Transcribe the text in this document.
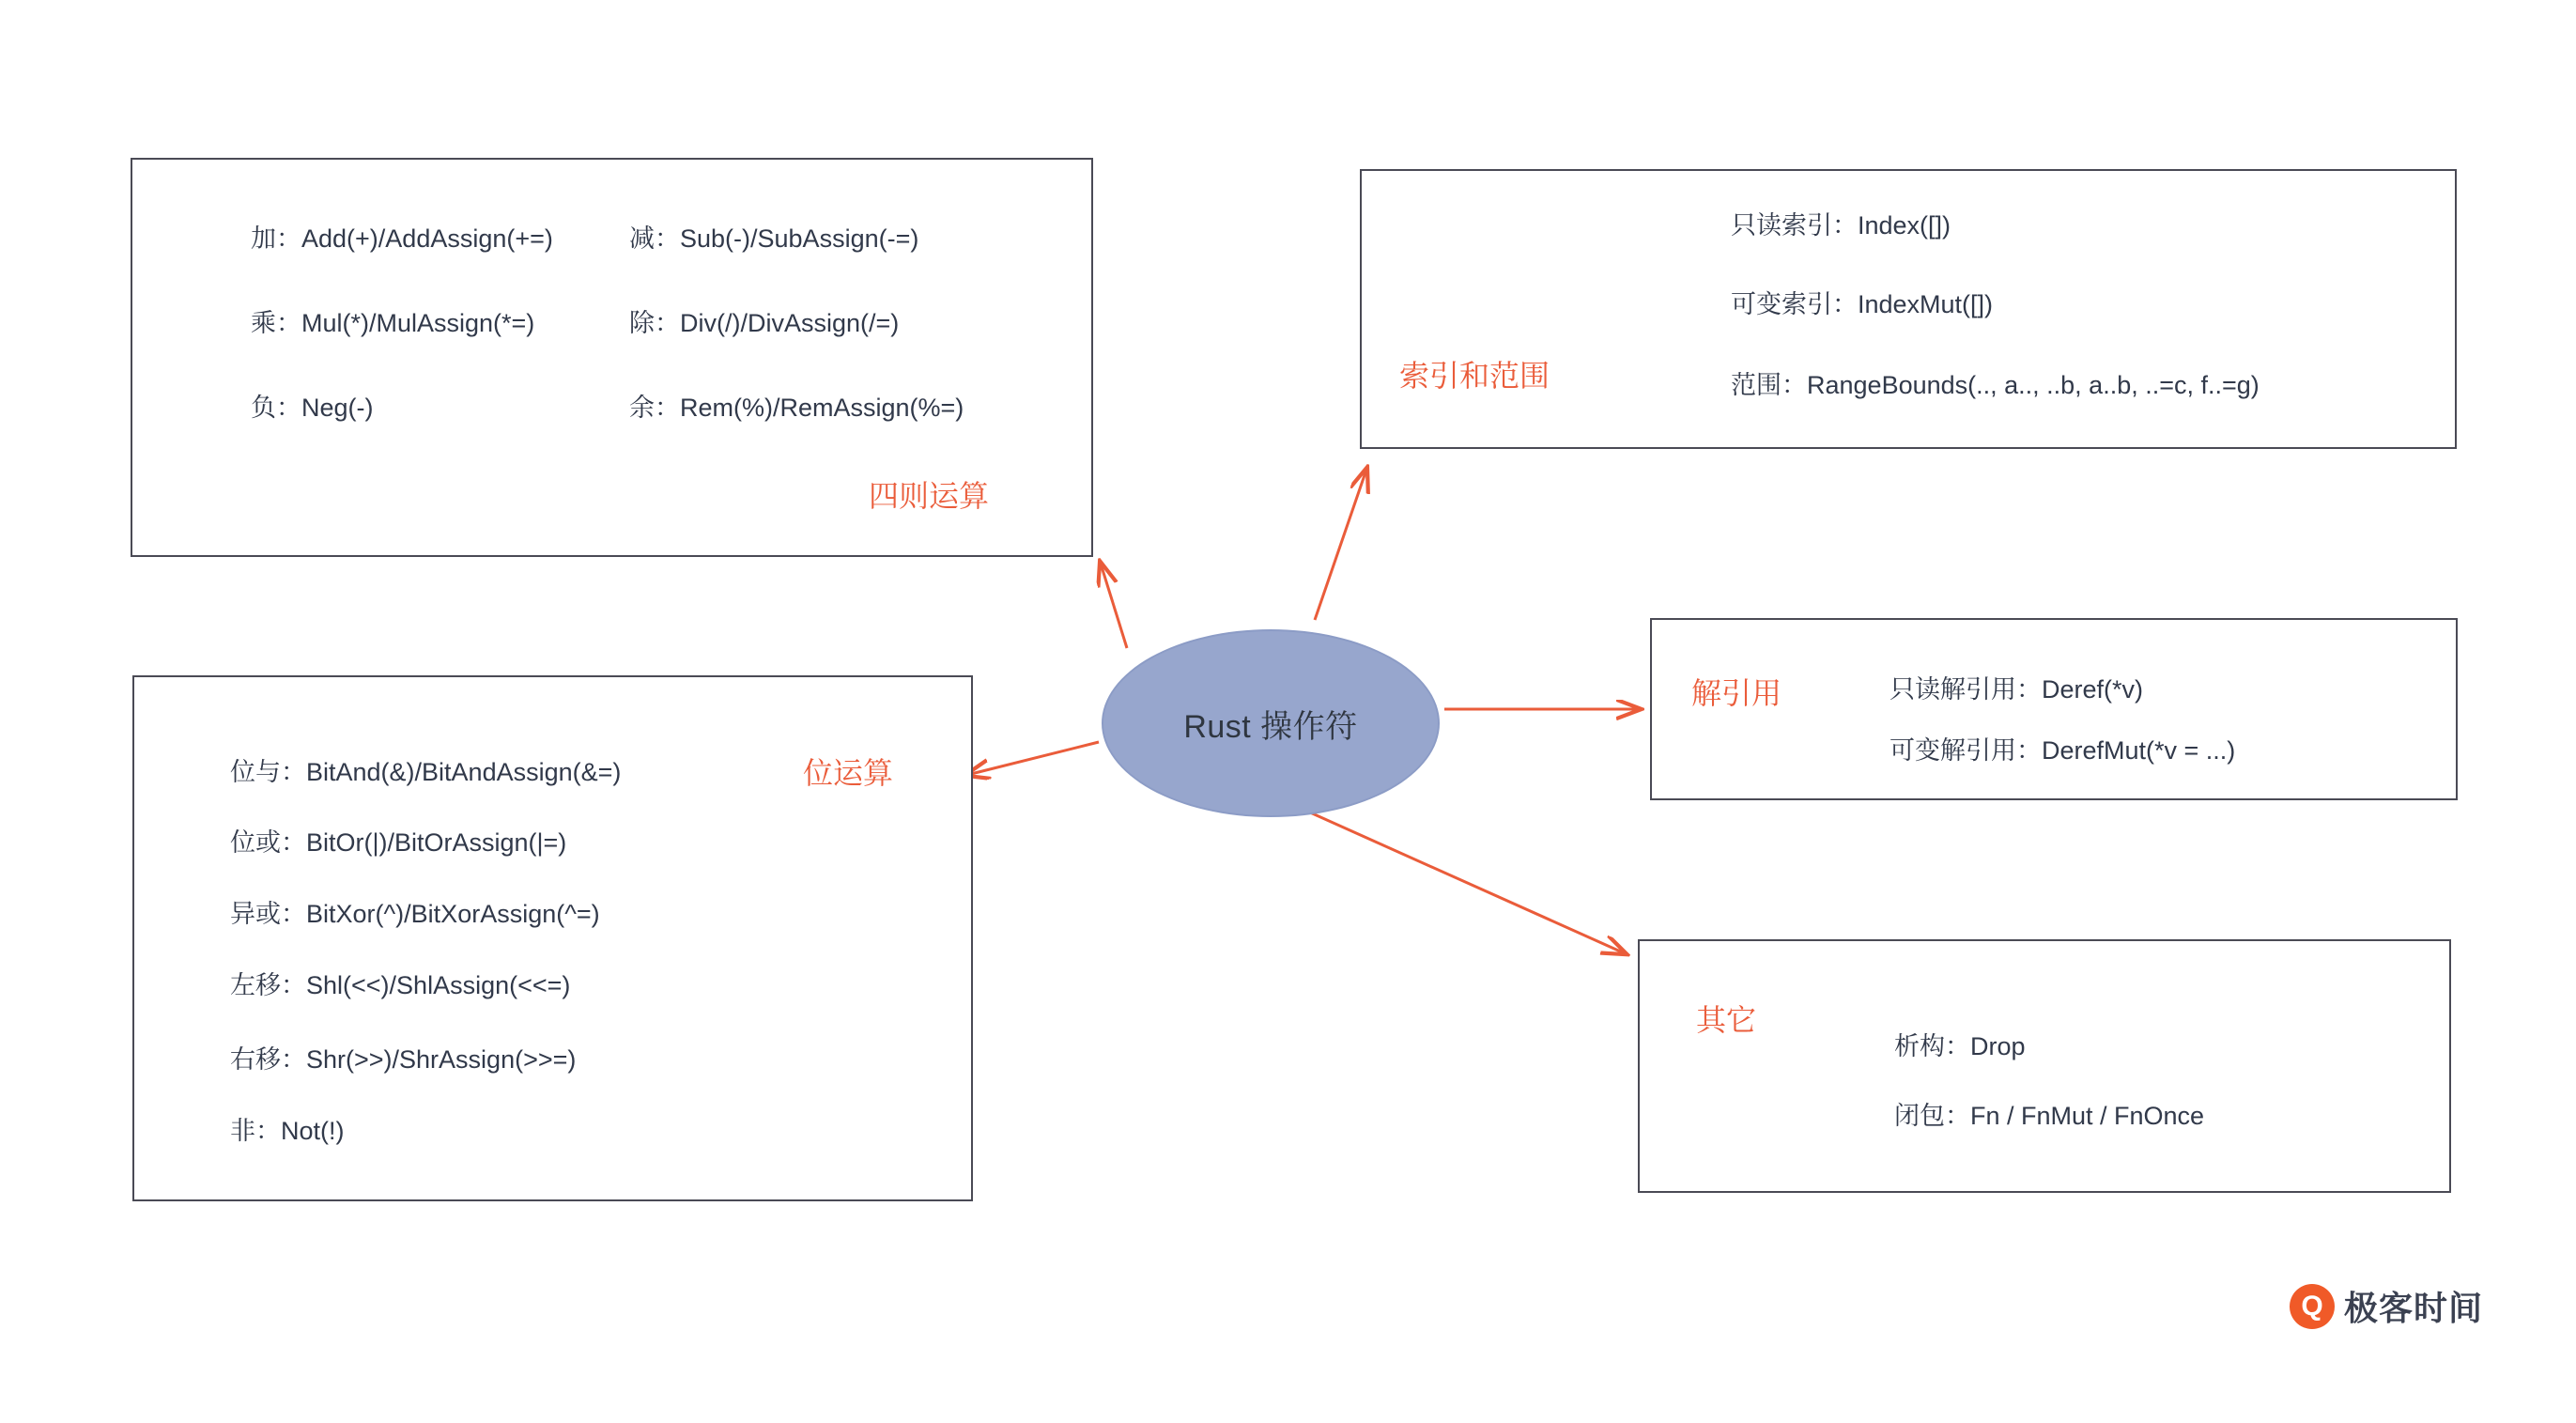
Rust 操作符
加：Add(+)/AddAssign(+=)	减：Sub(-)/SubAssign(-=)
乘：Mul(*)/MulAssign(*=)	除：Div(/)/DivAssign(/=)
负：Neg(-)	余：Rem(%)/RemAssign(%=)
四则运算
位与：BitAnd(&)/BitAndAssign(&=)
位或：BitOr(|)/BitOrAssign(|=)
异或：BitXor(^)/BitXorAssign(^=)
左移：Shl(<<)/ShlAssign(<<=)
右移：Shr(>>)/ShrAssign(>>=)
非：Not(!)
位运算
只读索引：Index([])
可变索引：IndexMut([])
范围：RangeBounds(.., a.., ..b, a..b, ..=c, f..=g)
索引和范围
只读解引用：Deref(*v)
可变解引用：DerefMut(*v = ...)
解引用
析构：Drop
闭包：Fn / FnMut / FnOnce
其它
Q 极客时间
